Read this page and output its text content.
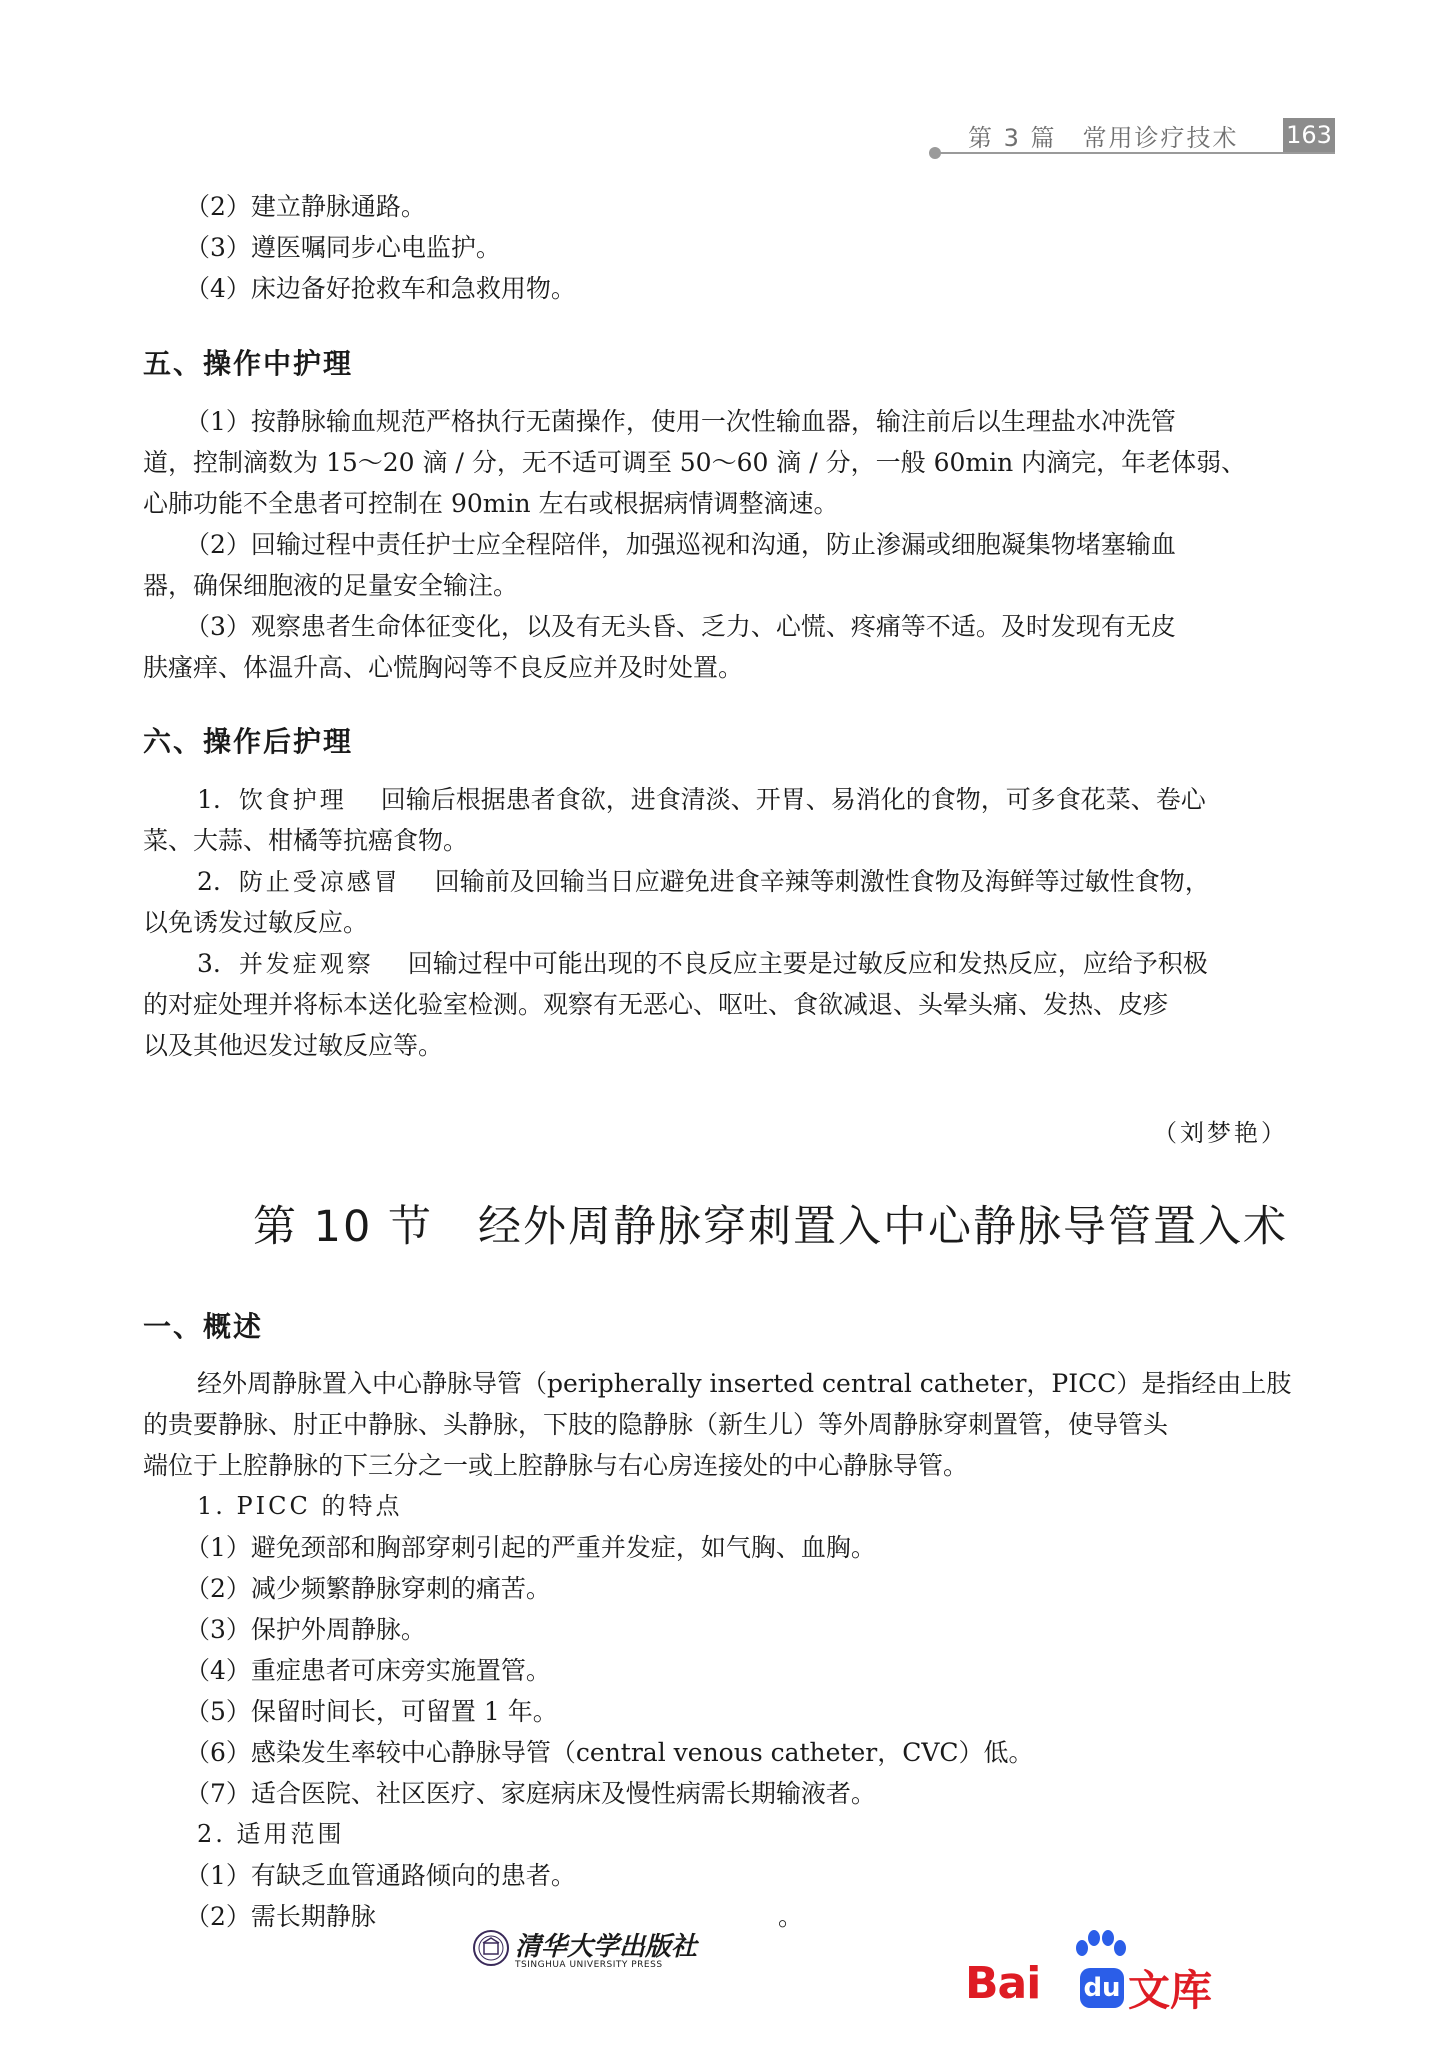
第 3 篇　常用诊疗技术 163
（2）建立静脉通路。
（3）遵医嘱同步心电监护。
（4）床边备好抢救车和急救用物。
五、操作中护理
（1）按静脉输血规范严格执行无菌操作，使用一次性输血器，输注前后以生理盐水冲洗管
道，控制滴数为 15～20 滴 / 分，无不适可调至 50～60 滴 / 分，一般 60min 内滴完，年老体弱、
心肺功能不全患者可控制在 90min 左右或根据病情调整滴速。
（2）回输过程中责任护士应全程陪伴，加强巡视和沟通，防止渗漏或细胞凝集物堵塞输血
器，确保细胞液的足量安全输注。
（3）观察患者生命体征变化，以及有无头昏、乏力、心慌、疼痛等不适。及时发现有无皮
肤瘙痒、体温升高、心慌胸闷等不良反应并及时处置。
六、操作后护理
1. 饮食护理 回输后根据患者食欲，进食清淡、开胃、易消化的食物，可多食花菜、卷心
菜、大蒜、柑橘等抗癌食物。
2. 防止受凉感冒 回输前及回输当日应避免进食辛辣等刺激性食物及海鲜等过敏性食物，
以免诱发过敏反应。
3. 并发症观察 回输过程中可能出现的不良反应主要是过敏反应和发热反应，应给予积极
的对症处理并将标本送化验室检测。观察有无恶心、呕吐、食欲减退、头晕头痛、发热、皮疹
以及其他迟发过敏反应等。
（刘梦艳）
第 10 节　经外周静脉穿刺置入中心静脉导管置入术
一、概述
经外周静脉置入中心静脉导管（peripherally inserted central catheter，PICC）是指经由上肢
的贵要静脉、肘正中静脉、头静脉，下肢的隐静脉（新生儿）等外周静脉穿刺置管，使导管头
端位于上腔静脉的下三分之一或上腔静脉与右心房连接处的中心静脉导管。
1. PICC 的特点
（1）避免颈部和胸部穿刺引起的严重并发症，如气胸、血胸。
（2）减少频繁静脉穿刺的痛苦。
（3）保护外周静脉。
（4）重症患者可床旁实施置管。
（5）保留时间长，可留置 1 年。
（6）感染发生率较中心静脉导管（central venous catheter，CVC）低。
（7）适合医院、社区医疗、家庭病床及慢性病需长期输液者。
2. 适用范围
（1）有缺乏血管通路倾向的患者。
（2）需长期静脉	。
清华大学出版社
TSINGHUA UNIVERSITY PRESS	Bai du 文库
